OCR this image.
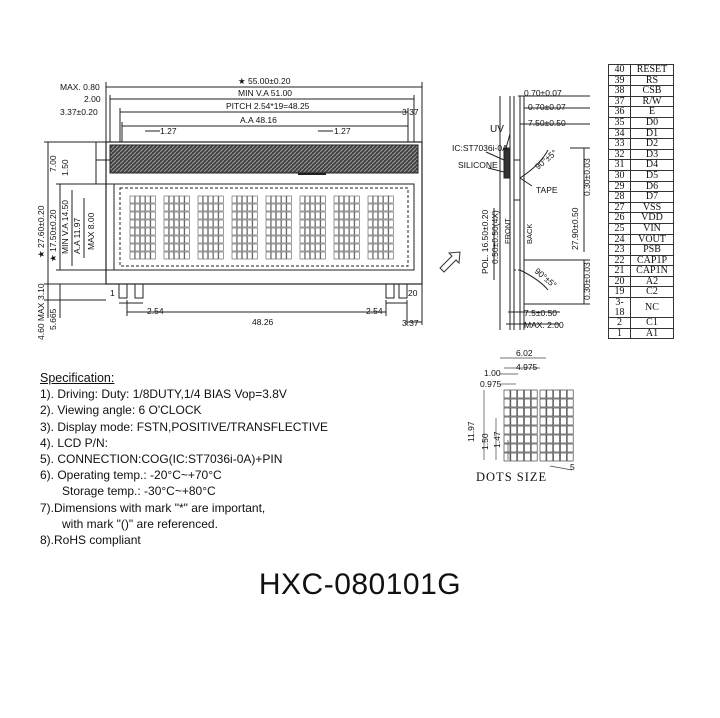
MAX. 0.80
★ 55.00±0.20
2.00
MIN V.A 51.00
3.37±0.20
PITCH 2.54*19=48.25
3.37
A.A 48.16
1.27	1.27
1	20
2.54	2.54
48.26	3.37
★ 27.60±0.20 ★ 17.50±0.20
7.00 1.50
MIN V.A 14.50 A.A 11.97 MAX 8.00
3.10
4.60 MAX 5.665
0.70±0.07
0.70±0.07
UV
IC:ST7036i-0A
7.50±0.50
SILICONE
TAPE
90°±5°
90°±5°
7.5±0.50
MAX. 2.00
0.30±0.03
27.90±0.50
0.30±0.03
POL. 16.50±0.20 0.50±0.50(4X) FRONT BACK
6.02
4.975
1.00
0.975
11.97 1.47
1.50
5
40	RESET
39	RS
38	CSB
37	R/W
36	E
35	D0
34	D1
33	D2
32	D3
31	D4
30	D5
29	D6
28	D7
27	VSS
26	VDD
25	VIN
24	VOUT
23	PSB
22	CAP1P
21	CAP1N
20	A2
19	C2
3-18	NC
2	C1
1	A1
DOTS SIZE
Specification:
1). Driving: Duty: 1/8DUTY,1/4 BIAS Vop=3.8V
2). Viewing angle: 6 O'CLOCK
3). Display mode: FSTN,POSITIVE/TRANSFLECTIVE
4). LCD P/N:
5). CONNECTION:COG(IC:ST7036i-0A)+PIN
6). Operating temp.: -20°C~+70°C
Storage temp.: -30°C~+80°C
7).Dimensions with mark "*" are important,
with mark "()" are referenced.
8).RoHS compliant
HXC-080101G
